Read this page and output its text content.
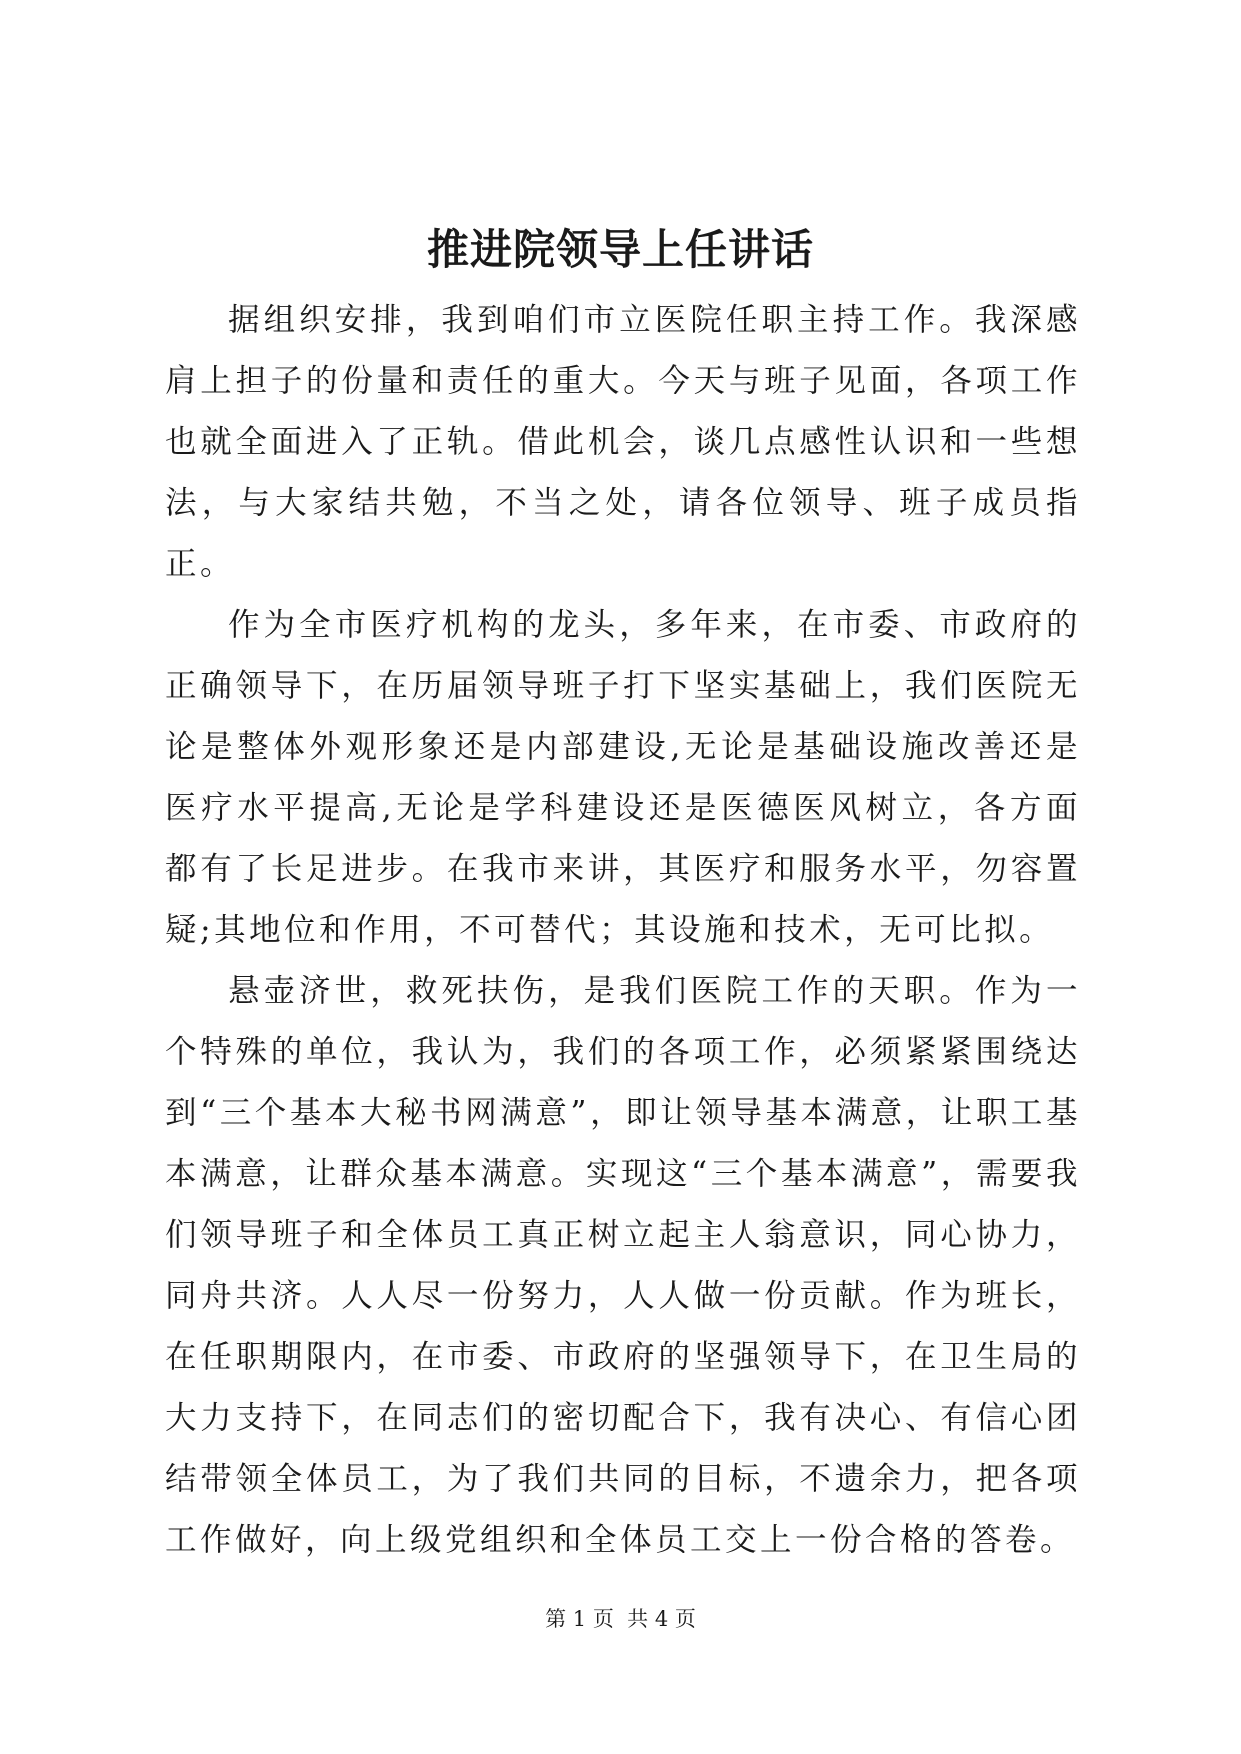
推进院领导上任讲话

据组织安排，我到咱们市立医院任职主持工作。我深感肩上担子的份量和责任的重大。今天与班子见面，各项工作也就全面进入了正轨。借此机会，谈几点感性认识和一些想法，与大家结共勉，不当之处，请各位领导、班子成员指正。

作为全市医疗机构的龙头，多年来，在市委、市政府的正确领导下，在历届领导班子打下坚实基础上，我们医院无论是整体外观形象还是内部建设,无论是基础设施改善还是医疗水平提高,无论是学科建设还是医德医风树立，各方面都有了长足进步。在我市来讲，其医疗和服务水平，勿容置疑;其地位和作用，不可替代；其设施和技术，无可比拟。

悬壶济世，救死扶伤，是我们医院工作的天职。作为一个特殊的单位，我认为，我们的各项工作，必须紧紧围绕达到“三个基本大秘书网满意”，即让领导基本满意，让职工基本满意，让群众基本满意。实现这“三个基本满意”，需要我们领导班子和全体员工真正树立起主人翁意识，同心协力，同舟共济。人人尽一份努力，人人做一份贡献。作为班长，在任职期限内，在市委、市政府的坚强领导下，在卫生局的大力支持下，在同志们的密切配合下，我有决心、有信心团结带领全体员工，为了我们共同的目标，不遗余力，把各项工作做好，向上级党组织和全体员工交上一份合格的答卷。

第 1 页  共 4 页
